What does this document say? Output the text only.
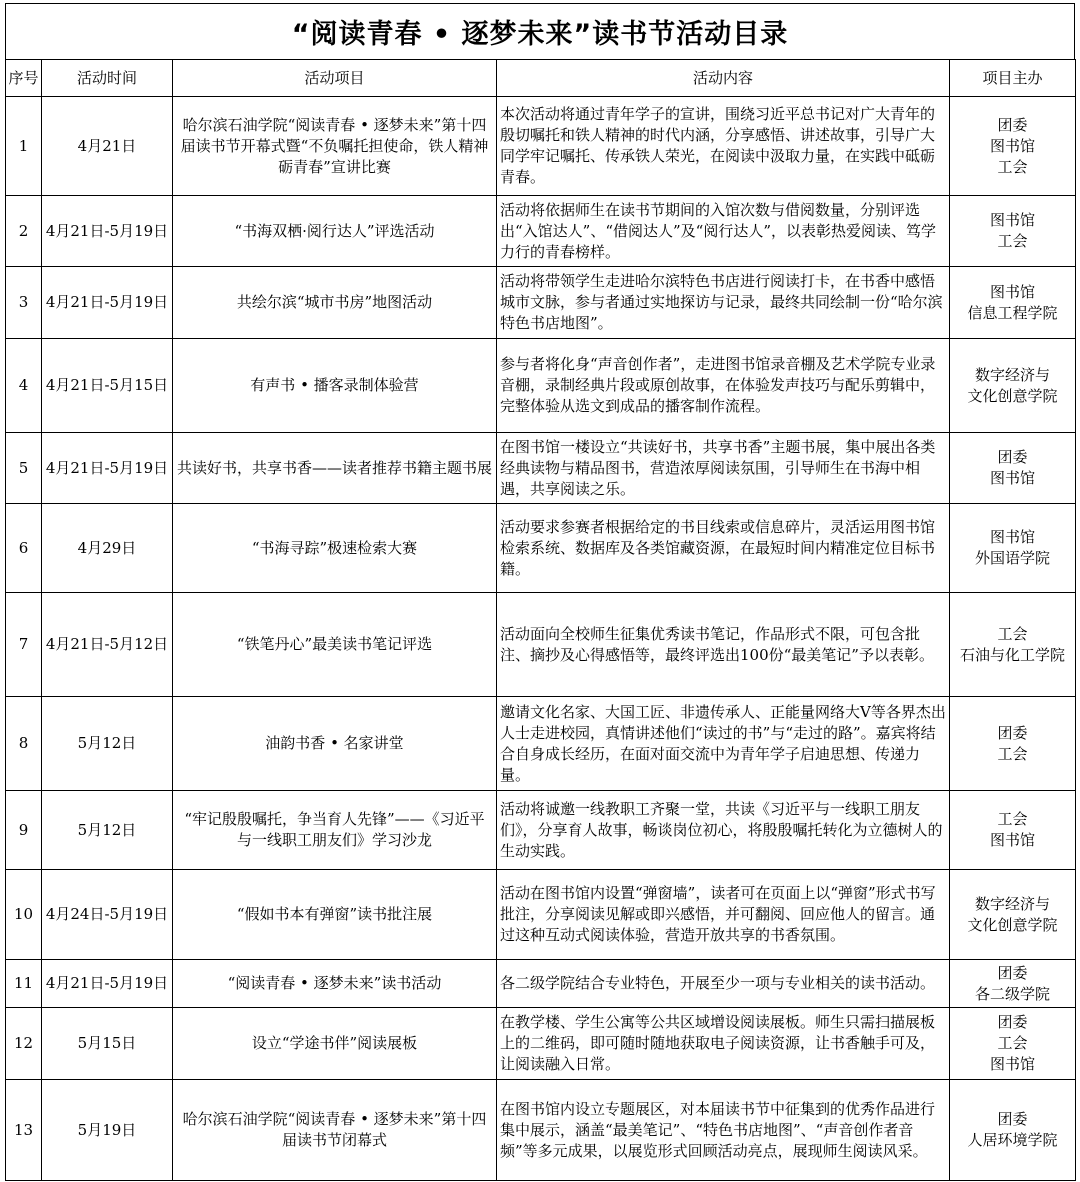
“阅读青春 • 逐梦未来”读书节活动目录
序号	活动时间	活动项目	活动内容	项目主办
1	4月21日	哈尔滨石油学院“阅读青春 • 逐梦未来”第十四届读书节开幕式暨“不负嘱托担使命，铁人精神砺青春”宣讲比赛	本次活动将通过青年学子的宣讲，围绕习近平总书记对广大青年的殷切嘱托和铁人精神的时代内涵，分享感悟、讲述故事，引导广大同学牢记嘱托、传承铁人荣光，在阅读中汲取力量，在实践中砥砺青春。	团委
图书馆
工会

2	4月21日-5月19日	“书海双栖·阅行达人”评选活动	活动将依据师生在读书节期间的入馆次数与借阅数量，分别评选出“入馆达人”、“借阅达人”及“阅行达人”，以表彰热爱阅读、笃学力行的青春榜样。	图书馆
工会

3	4月21日-5月19日	共绘尔滨“城市书房”地图活动	活动将带领学生走进哈尔滨特色书店进行阅读打卡，在书香中感悟城市文脉，参与者通过实地探访与记录，最终共同绘制一份“哈尔滨特色书店地图”。	图书馆
信息工程学院

4	4月21日-5月15日	有声书 • 播客录制体验营	参与者将化身“声音创作者”，走进图书馆录音棚及艺术学院专业录音棚，录制经典片段或原创故事，在体验发声技巧与配乐剪辑中，完整体验从选文到成品的播客制作流程。	数字经济与
文化创意学院

5	4月21日-5月19日	共读好书，共享书香——读者推荐书籍主题书展	在图书馆一楼设立“共读好书，共享书香”主题书展，集中展出各类经典读物与精品图书，营造浓厚阅读氛围，引导师生在书海中相遇，共享阅读之乐。	团委
图书馆

6	4月29日	“书海寻踪”极速检索大赛	活动要求参赛者根据给定的书目线索或信息碎片，灵活运用图书馆检索系统、数据库及各类馆藏资源，在最短时间内精准定位目标书籍。	图书馆
外国语学院

7	4月21日-5月12日	“铁笔丹心”最美读书笔记评选	活动面向全校师生征集优秀读书笔记，作品形式不限，可包含批注、摘抄及心得感悟等，最终评选出100份“最美笔记”予以表彰。	工会
石油与化工学院

8	5月12日	油韵书香 • 名家讲堂	邀请文化名家、大国工匠、非遗传承人、正能量网络大V等各界杰出人士走进校园，真情讲述他们“读过的书”与“走过的路”。嘉宾将结合自身成长经历，在面对面交流中为青年学子启迪思想、传递力量。	团委
工会

9	5月12日	“牢记殷殷嘱托，争当育人先锋”——《习近平与一线职工朋友们》学习沙龙	活动将诚邀一线教职工齐聚一堂，共读《习近平与一线职工朋友们》，分享育人故事，畅谈岗位初心，将殷殷嘱托转化为立德树人的生动实践。	工会
图书馆

10	4月24日-5月19日	“假如书本有弹窗”读书批注展	活动在图书馆内设置“弹窗墙”，读者可在页面上以“弹窗”形式书写批注，分享阅读见解或即兴感悟，并可翻阅、回应他人的留言。通过这种互动式阅读体验，营造开放共享的书香氛围。	数字经济与
文化创意学院

11	4月21日-5月19日	“阅读青春 • 逐梦未来”读书活动	各二级学院结合专业特色，开展至少一项与专业相关的读书活动。	团委
各二级学院

12	5月15日	设立“学途书伴”阅读展板	在教学楼、学生公寓等公共区域增设阅读展板。师生只需扫描展板上的二维码，即可随时随地获取电子阅读资源，让书香触手可及，让阅读融入日常。	团委
工会
图书馆

13	5月19日	哈尔滨石油学院“阅读青春 • 逐梦未来”第十四届读书节闭幕式	在图书馆内设立专题展区，对本届读书节中征集到的优秀作品进行集中展示，涵盖“最美笔记”、“特色书店地图”、“声音创作者音频”等多元成果，以展览形式回顾活动亮点，展现师生阅读风采。	团委
人居环境学院
